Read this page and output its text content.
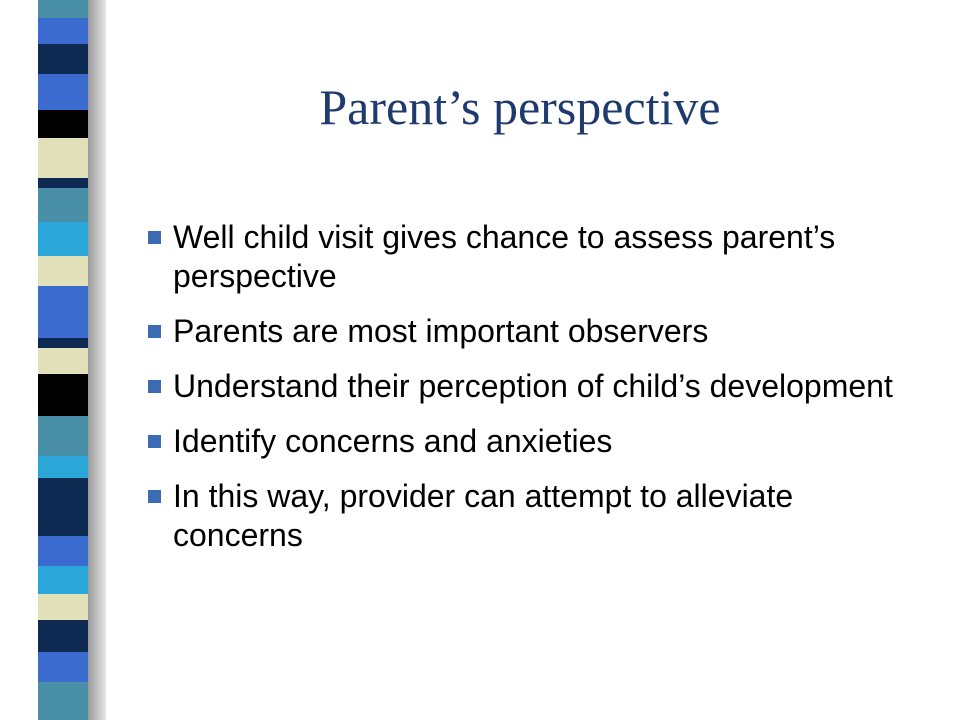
Parent’s perspective
Well child visit gives chance to assess parent’s perspective
Parents are most important observers
Understand their perception of child’s development
Identify concerns and anxieties
In this way, provider can attempt to alleviate concerns
